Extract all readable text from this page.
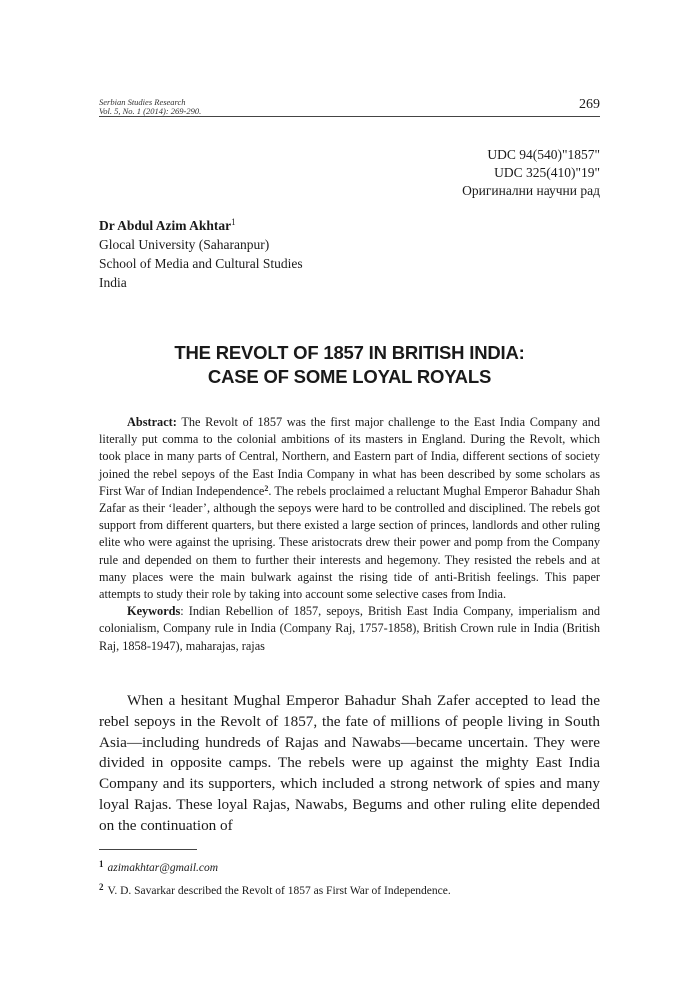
Serbian Studies Research
Vol. 5, No. 1 (2014): 269-290.	269
UDC 94(540)"1857"
UDC 325(410)"19"
Оригинални научни рад
Dr Abdul Azim Akhtar$^1$
Glocal University (Saharanpur)
School of Media and Cultural Studies
India
THE REVOLT OF 1857 IN BRITISH INDIA:
CASE OF SOME LOYAL ROYALS

Abstract: The Revolt of 1857 was the first major challenge to the East India Company and literally put comma to the colonial ambitions of its masters in England. During the Revolt, which took place in many parts of Central, Northern, and Eastern part of India, different sections of society joined the rebel sepoys of the East India Company in what has been described by some scholars as First War of Indian Independence$^2$. The rebels proclaimed a reluctant Mughal Emperor Bahadur Shah Zafar as their ‘leader’, although the sepoys were hard to be controlled and disciplined. The rebels got support from different quarters, but there existed a large section of princes, landlords and other ruling elite who were against the uprising. These aristocrats drew their power and pomp from the Company rule and depended on them to further their interests and hegemony. They resisted the rebels and at many places were the main bulwark against the rising tide of anti-British feelings. This paper attempts to study their role by taking into account some selective cases from India.

Keywords: Indian Rebellion of 1857, sepoys, British East India Company, imperialism and colonialism, Company rule in India (Company Raj, 1757-1858), British Crown rule in India (British Raj, 1858-1947), maharajas, rajas

When a hesitant Mughal Emperor Bahadur Shah Zafer accepted to lead the rebel sepoys in the Revolt of 1857, the fate of millions of people living in South Asia—including hundreds of Rajas and Nawabs—became uncertain. They were divided in opposite camps. The rebels were up against the mighty East India Company and its supporters, which included a strong network of spies and many loyal Rajas. These loyal Rajas, Nawabs, Begums and other ruling elite depended on the continuation of

$^1$ azimakhtar@gmail.com
$^2$ V. D. Savarkar described the Revolt of 1857 as First War of Independence.
